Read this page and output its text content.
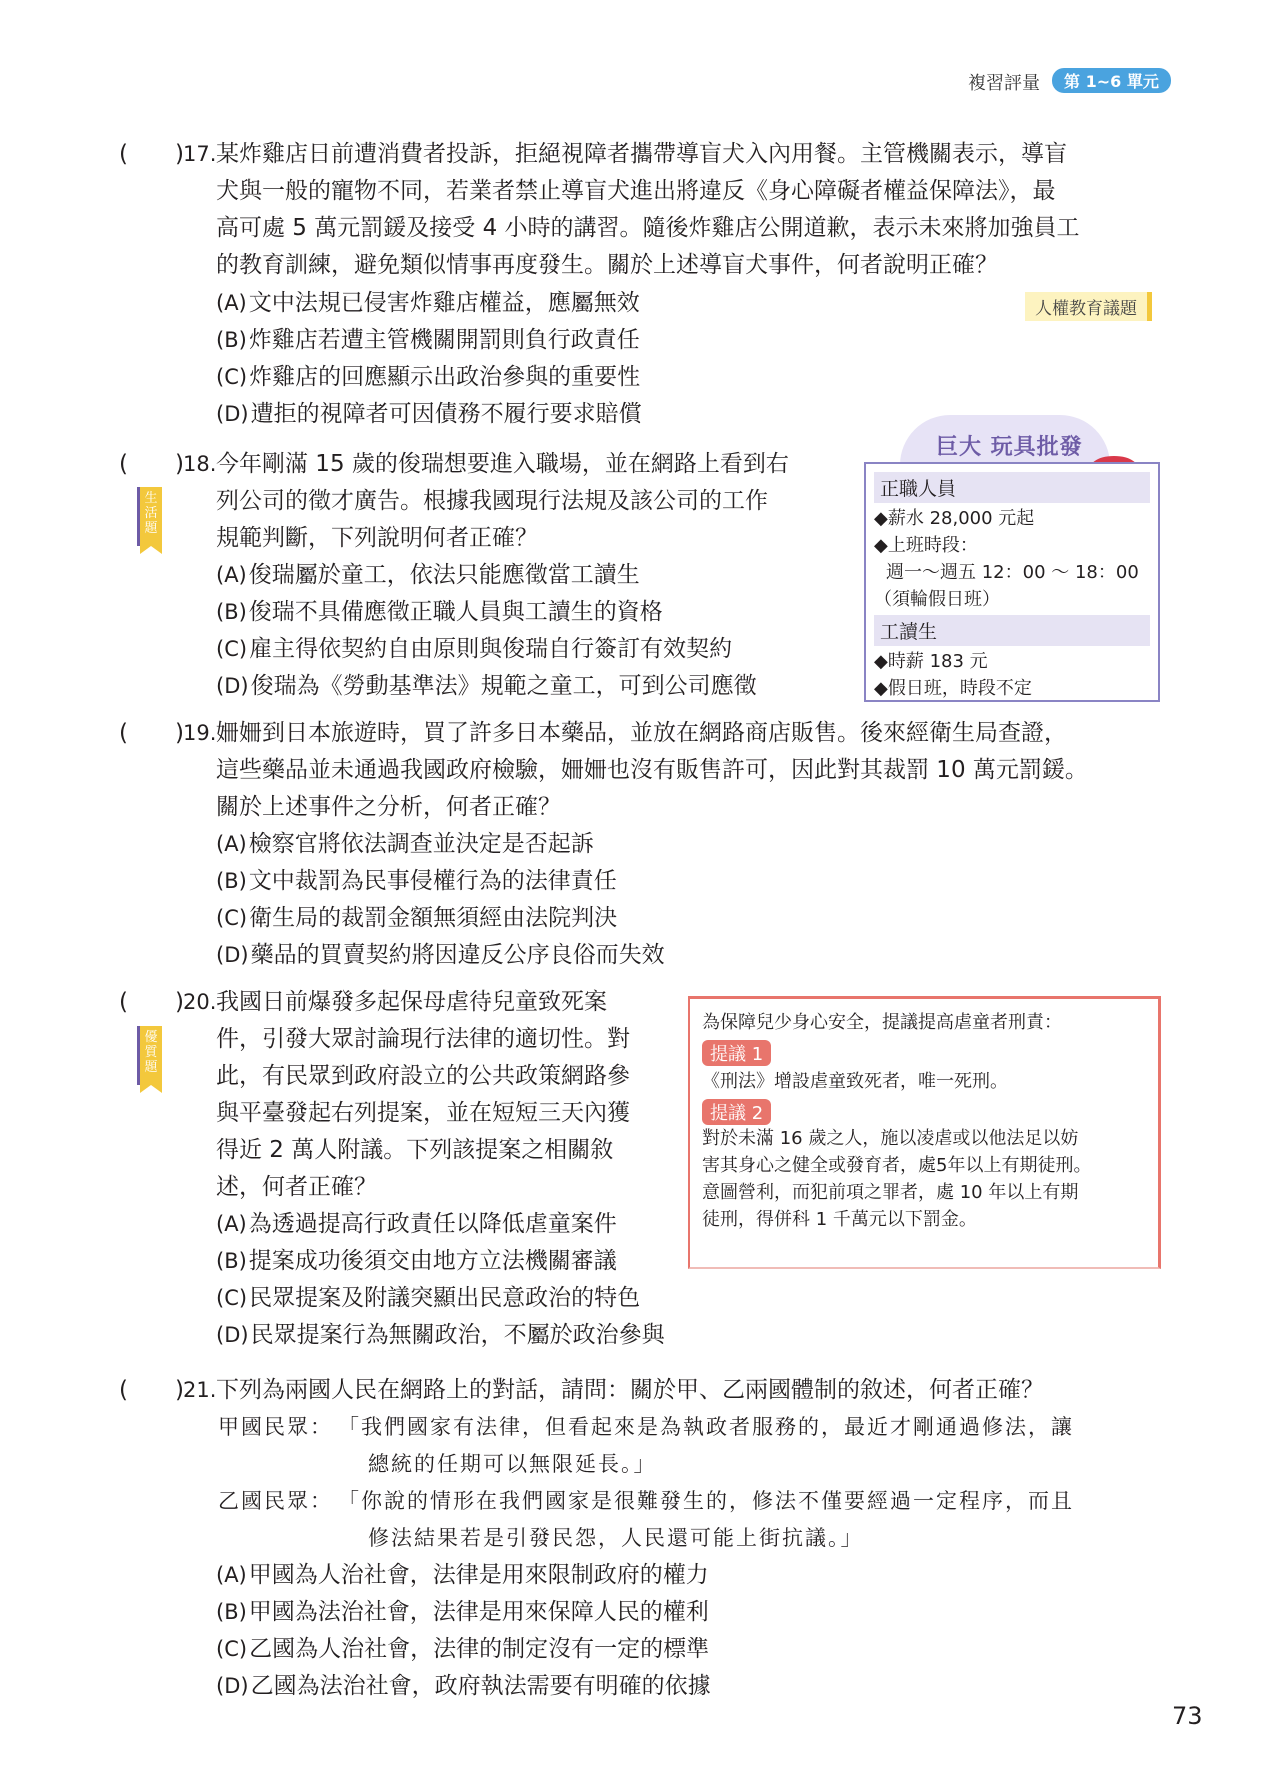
複習評量	第 1~6 單元
( ) 17. 某炸雞店日前遭消費者投訴，拒絕視障者攜帶導盲犬入內用餐。主管機關表示，導盲
犬與一般的寵物不同，若業者禁止導盲犬進出將違反《身心障礙者權益保障法》，最
高可處 5 萬元罰鍰及接受 4 小時的講習。隨後炸雞店公開道歉，表示未來將加強員工
的教育訓練，避免類似情事再度發生。關於上述導盲犬事件，何者說明正確？
人權教育議題
(A)文中法規已侵害炸雞店權益，應屬無效
(B)炸雞店若遭主管機關開罰則負行政責任
(C)炸雞店的回應顯示出政治參與的重要性
(D)遭拒的視障者可因債務不履行要求賠償
( ) 18.
生活題
今年剛滿 15 歲的俊瑞想要進入職場，並在網路上看到右
列公司的徵才廣告。根據我國現行法規及該公司的工作
規範判斷，下列說明何者正確？
(A)俊瑞屬於童工，依法只能應徵當工讀生
(B)俊瑞不具備應徵正職人員與工讀生的資格
(C)雇主得依契約自由原則與俊瑞自行簽訂有效契約
(D)俊瑞為《勞動基準法》規範之童工，可到公司應徵
巨大 玩具批發
正職人員
◆薪水 28,000 元起
◆上班時段：
週一～週五 12：00 ～ 18：00
（須輪假日班）
工讀生
◆時薪 183 元
◆假日班，時段不定
( ) 19. 姍姍到日本旅遊時，買了許多日本藥品，並放在網路商店販售。後來經衛生局查證，
這些藥品並未通過我國政府檢驗，姍姍也沒有販售許可，因此對其裁罰 10 萬元罰鍰。
關於上述事件之分析，何者正確？
(A)檢察官將依法調查並決定是否起訴
(B)文中裁罰為民事侵權行為的法律責任
(C)衛生局的裁罰金額無須經由法院判決
(D)藥品的買賣契約將因違反公序良俗而失效
( ) 20.
優質題
我國日前爆發多起保母虐待兒童致死案
件，引發大眾討論現行法律的適切性。對
此，有民眾到政府設立的公共政策網路參
與平臺發起右列提案，並在短短三天內獲
得近 2 萬人附議。下列該提案之相關敘
述，何者正確？
(A)為透過提高行政責任以降低虐童案件
(B)提案成功後須交由地方立法機關審議
(C)民眾提案及附議突顯出民意政治的特色
(D)民眾提案行為無關政治，不屬於政治參與
為保障兒少身心安全，提議提高虐童者刑責：
提議 1
《刑法》增設虐童致死者，唯一死刑。
提議 2
對於未滿 16 歲之人，施以凌虐或以他法足以妨
害其身心之健全或發育者，處5年以上有期徒刑。
意圖營利，而犯前項之罪者，處 10 年以上有期
徒刑，得併科 1 千萬元以下罰金。
( ) 21. 下列為兩國人民在網路上的對話，請問：關於甲、乙兩國體制的敘述，何者正確？
甲國民眾： 「我們國家有法律，但看起來是為執政者服務的，最近才剛通過修法，讓
總統的任期可以無限延長。」
乙國民眾： 「你說的情形在我們國家是很難發生的，修法不僅要經過一定程序，而且
修法結果若是引發民怨，人民還可能上街抗議。」
(A)甲國為人治社會，法律是用來限制政府的權力
(B)甲國為法治社會，法律是用來保障人民的權利
(C)乙國為人治社會，法律的制定沒有一定的標準
(D)乙國為法治社會，政府執法需要有明確的依據
73
